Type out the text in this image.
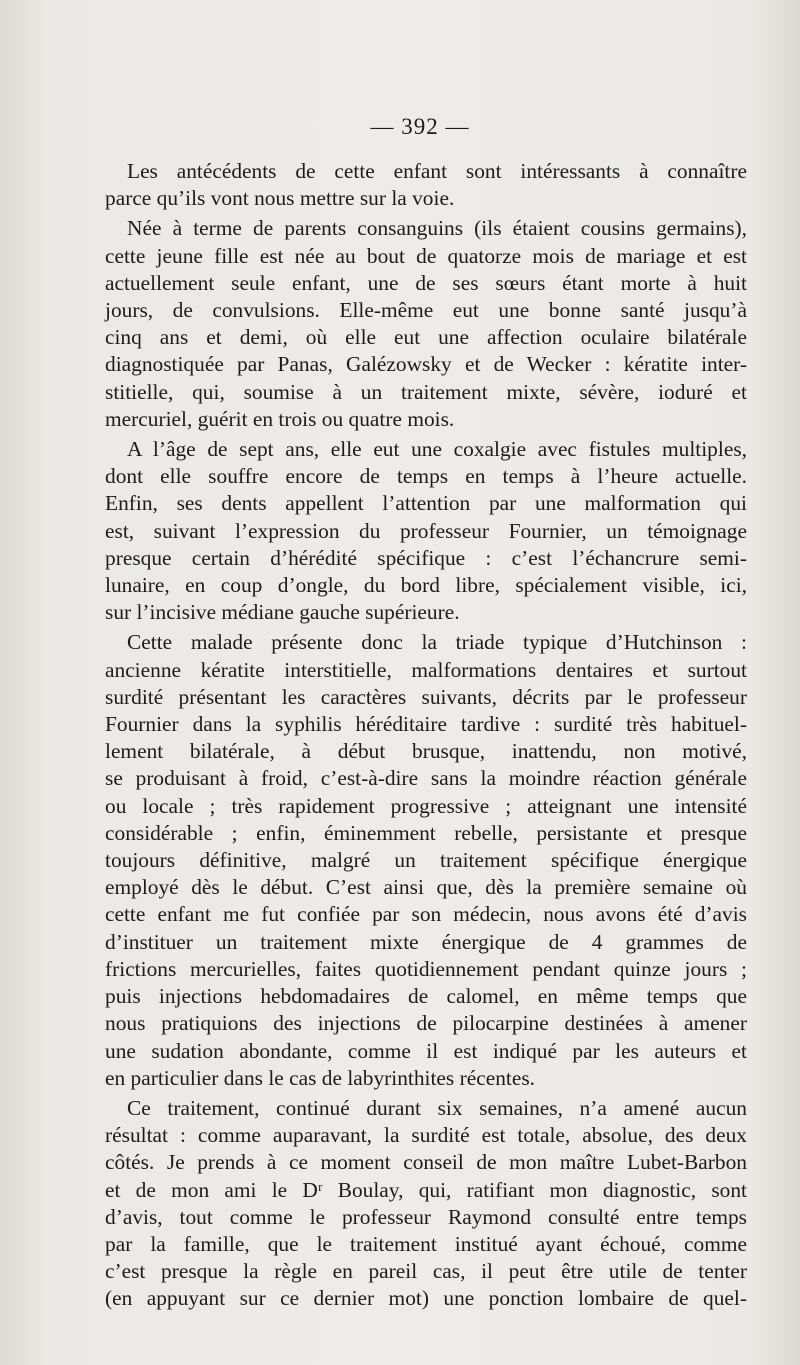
— 392 —
Les antécédents de cette enfant sont intéressants à connaître
parce qu’ils vont nous mettre sur la voie.
Née à terme de parents consanguins (ils étaient cousins germains),
cette jeune fille est née au bout de quatorze mois de mariage et est
actuellement seule enfant, une de ses sœurs étant morte à huit
jours, de convulsions. Elle-même eut une bonne santé jusqu’à
cinq ans et demi, où elle eut une affection oculaire bilatérale
diagnostiquée par Panas, Galézowsky et de Wecker : kératite inter-
stitielle, qui, soumise à un traitement mixte, sévère, ioduré et
mercuriel, guérit en trois ou quatre mois.
A l’âge de sept ans, elle eut une coxalgie avec fistules multiples,
dont elle souffre encore de temps en temps à l’heure actuelle.
Enfin, ses dents appellent l’attention par une malformation qui
est, suivant l’expression du professeur Fournier, un témoignage
presque certain d’hérédité spécifique : c’est l’échancrure semi-
lunaire, en coup d’ongle, du bord libre, spécialement visible, ici,
sur l’incisive médiane gauche supérieure.
Cette malade présente donc la triade typique d’Hutchinson :
ancienne kératite interstitielle, malformations dentaires et surtout
surdité présentant les caractères suivants, décrits par le professeur
Fournier dans la syphilis héréditaire tardive : surdité très habituel-
lement bilatérale, à début brusque, inattendu, non motivé,
se produisant à froid, c’est-à-dire sans la moindre réaction générale
ou locale ; très rapidement progressive ; atteignant une intensité
considérable ; enfin, éminemment rebelle, persistante et presque
toujours définitive, malgré un traitement spécifique énergique
employé dès le début. C’est ainsi que, dès la première semaine où
cette enfant me fut confiée par son médecin, nous avons été d’avis
d’instituer un traitement mixte énergique de 4 grammes de
frictions mercurielles, faites quotidiennement pendant quinze jours ;
puis injections hebdomadaires de calomel, en même temps que
nous pratiquions des injections de pilocarpine destinées à amener
une sudation abondante, comme il est indiqué par les auteurs et
en particulier dans le cas de labyrinthites récentes.
Ce traitement, continué durant six semaines, n’a amené aucun
résultat : comme auparavant, la surdité est totale, absolue, des deux
côtés. Je prends à ce moment conseil de mon maître Lubet-Barbon
et de mon ami le Dʳ Boulay, qui, ratifiant mon diagnostic, sont
d’avis, tout comme le professeur Raymond consulté entre temps
par la famille, que le traitement institué ayant échoué, comme
c’est presque la règle en pareil cas, il peut être utile de tenter
(en appuyant sur ce dernier mot) une ponction lombaire de quel-
